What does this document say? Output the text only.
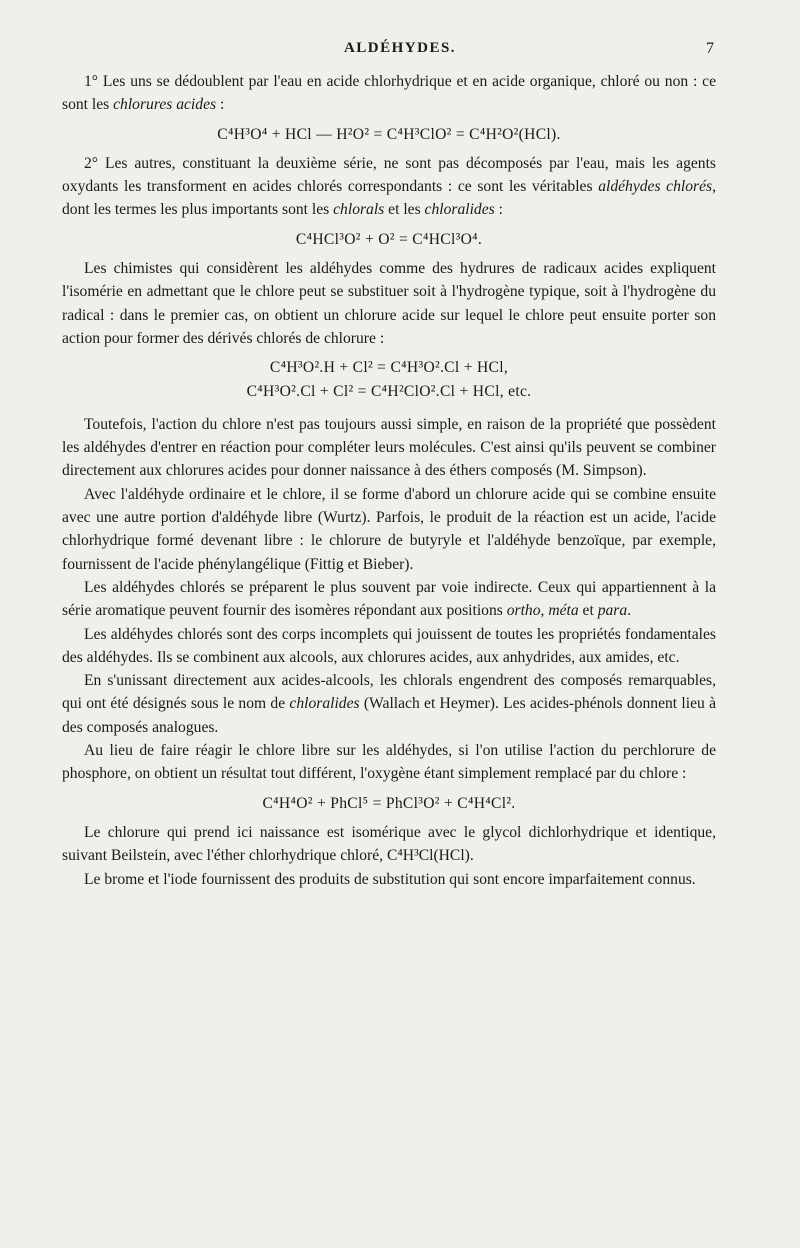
ALDÉHYDES.	7

1° Les uns se dédoublent par l'eau en acide chlorhydrique et en acide organique, chloré ou non : ce sont les chlorures acides :

C⁴H³O⁴ + HCl — H²O² = C⁴H³ClO² = C⁴H²O²(HCl).

2° Les autres, constituant la deuxième série, ne sont pas décomposés par l'eau, mais les agents oxydants les transforment en acides chlorés correspondants : ce sont les véritables aldéhydes chlorés, dont les termes les plus importants sont les chlorals et les chloralides :

C⁴HCl³O² + O² = C⁴HCl³O⁴.

Les chimistes qui considèrent les aldéhydes comme des hydrures de radicaux acides expliquent l'isomérie en admettant que le chlore peut se substituer soit à l'hydrogène typique, soit à l'hydrogène du radical : dans le premier cas, on obtient un chlorure acide sur lequel le chlore peut ensuite porter son action pour former des dérivés chlorés de chlorure :

C⁴H³O².H + Cl² = C⁴H³O².Cl + HCl,
C⁴H³O².Cl + Cl² = C⁴H²ClO².Cl + HCl, etc.

Toutefois, l'action du chlore n'est pas toujours aussi simple, en raison de la propriété que possèdent les aldéhydes d'entrer en réaction pour compléter leurs molécules. C'est ainsi qu'ils peuvent se combiner directement aux chlorures acides pour donner naissance à des éthers composés (M. Simpson).

Avec l'aldéhyde ordinaire et le chlore, il se forme d'abord un chlorure acide qui se combine ensuite avec une autre portion d'aldéhyde libre (Wurtz). Parfois, le produit de la réaction est un acide, l'acide chlorhydrique formé devenant libre : le chlorure de butyryle et l'aldéhyde benzoïque, par exemple, fournissent de l'acide phénylangélique (Fittig et Bieber).

Les aldéhydes chlorés se préparent le plus souvent par voie indirecte. Ceux qui appartiennent à la série aromatique peuvent fournir des isomères répondant aux positions ortho, méta et para.

Les aldéhydes chlorés sont des corps incomplets qui jouissent de toutes les propriétés fondamentales des aldéhydes. Ils se combinent aux alcools, aux chlorures acides, aux anhydrides, aux amides, etc.

En s'unissant directement aux acides-alcools, les chlorals engendrent des composés remarquables, qui ont été désignés sous le nom de chloralides (Wallach et Heymer). Les acides-phénols donnent lieu à des composés analogues.

Au lieu de faire réagir le chlore libre sur les aldéhydes, si l'on utilise l'action du perchlorure de phosphore, on obtient un résultat tout différent, l'oxygène étant simplement remplacé par du chlore :

C⁴H⁴O² + PhCl⁵ = PhCl³O² + C⁴H⁴Cl².

Le chlorure qui prend ici naissance est isomérique avec le glycol dichlorhydrique et identique, suivant Beilstein, avec l'éther chlorhydrique chloré, C⁴H³Cl(HCl).

Le brome et l'iode fournissent des produits de substitution qui sont encore imparfaitement connus.
